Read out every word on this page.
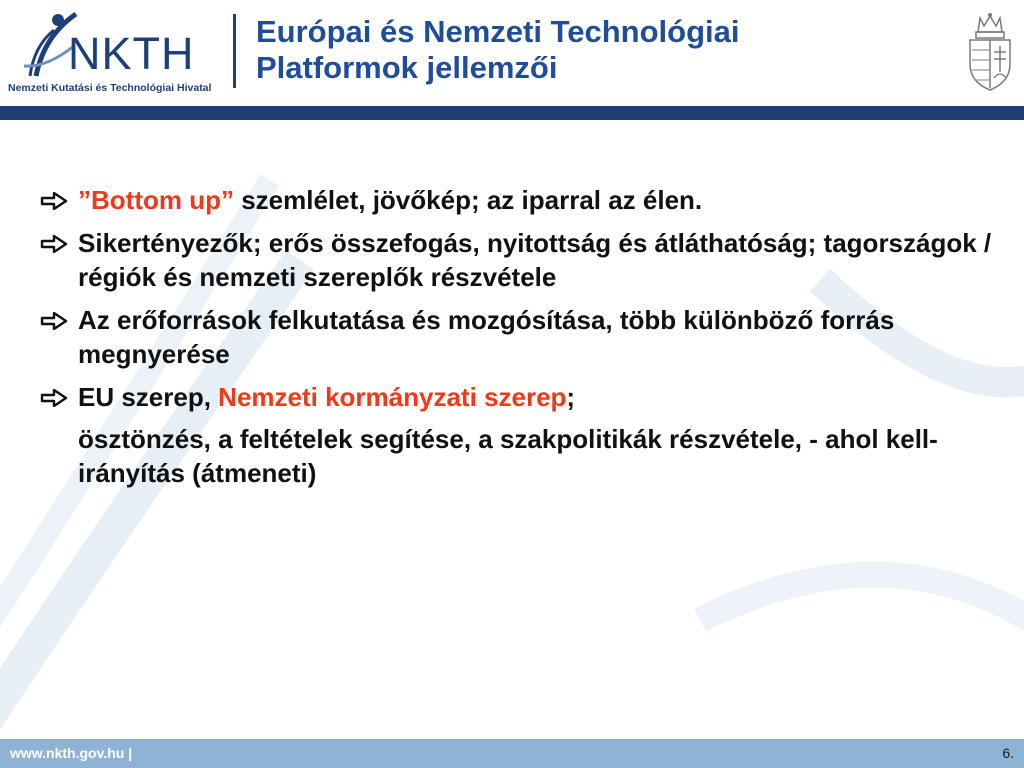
NKTH
Nemzeti Kutatási és Technológiai Hivatal
Európai és Nemzeti Technológiai
Platformok jellemzői
”Bottom up” szemlélet, jövőkép; az iparral az élen.
Sikertényezők; erős összefogás, nyitottság és átláthatóság; tagországok / régiók és nemzeti szereplők részvétele
Az erőforrások felkutatása és mozgósítása, több különböző forrás megnyerése
EU szerep, Nemzeti kormányzati szerep;
ösztönzés, a feltételek segítése, a szakpolitikák részvétele, - ahol kell- irányítás (átmeneti)
www.nkth.gov.hu |	6.
